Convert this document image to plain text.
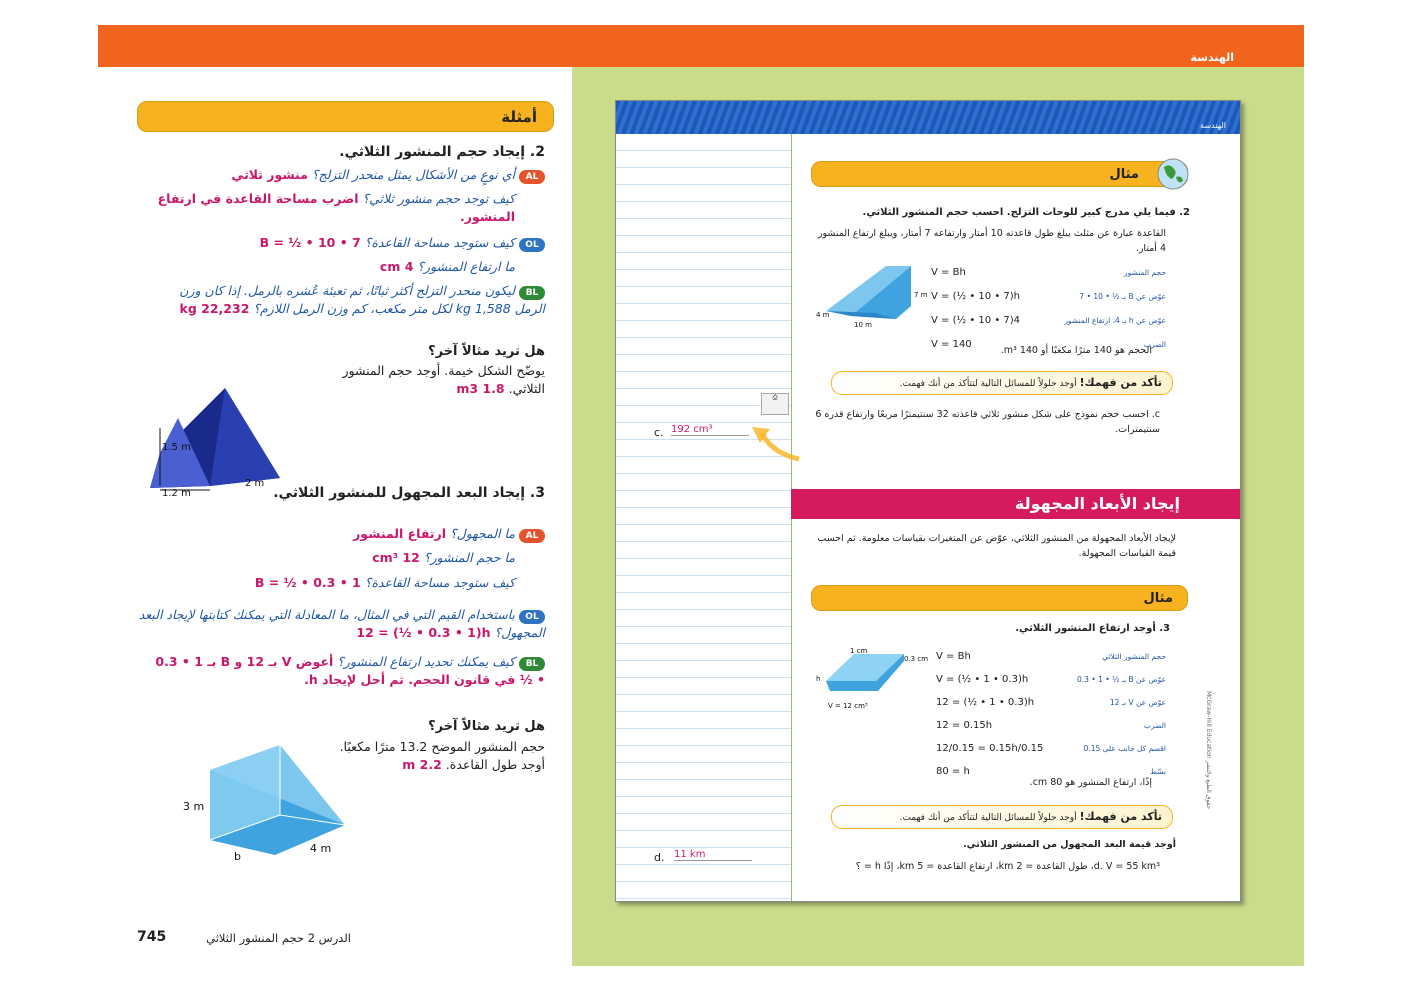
الهندسة
أمثلة
2. إيجاد حجم المنشور الثلاثي.
AL أي نوعٍ من الأشكال يمثل منحدر التزلج؟ منشور ثلاثي
كيف توجد حجم منشور ثلاثي؟ اضرب مساحة القاعدة في ارتفاع المنشور.
OL كيف ستوجد مساحة القاعدة؟ B = ½ • 10 • 7
ما ارتفاع المنشور؟ 4 cm
BL ليكون منحدر التزلج أكثر ثباتًا، ثم تعبئة عُشره بالرمل. إذا كان وزن الرمل 1,588 kg لكل متر مكعب، كم وزن الرمل اللازم؟ 22,232 kg
هل تريد مثالاً آخر؟
يوضّح الشكل خيمة. أوجد حجم المنشور الثلاثي. 1.8 m3
1.5 m
1.2 m
2 m
3. إيجاد البعد المجهول للمنشور الثلاثي.
AL ما المجهول؟ ارتفاع المنشور
ما حجم المنشور؟ 12 cm³
كيف ستوجد مساحة القاعدة؟ B = ½ • 0.3 • 1
OL باستخدام القيم التي في المثال، ما المعادلة التي يمكنك كتابتها لإيجاد البعد المجهول؟ 12 = (½ • 0.3 • 1)h
BL كيف يمكنك تحديد ارتفاع المنشور؟ أعوض V بـ 12 و B بـ 1 • 0.3 • ½ في قانون الحجم. ثم أحل لإيجاد h.
هل تريد مثالاً آخر؟
حجم المنشور الموضح 13.2 مترًا مكعبًا.
أوجد طول القاعدة. 2.2 m
3 m
b
4 m
745	الدرس 2 حجم المنشور الثلاثي
الهندسة
مثال
2. فيما يلي مدرج كبير للوحات التزلج. احسب حجم المنشور الثلاثي.
القاعدة عبارة عن مثلث يبلغ طول قاعدته 10 أمتار وارتفاعه 7 أمتار، ويبلغ ارتفاع المنشور 4 أمتار.
7 m
4 m
10 m
V = Bh
V = (½ • 10 • 7)h
V = (½ • 10 • 7)4
V = 140
حجم المنشور
عوّض عن B بـ ½ • 10 • 7
عوّض عن h بـ 4، ارتفاع المنشور
الضرب
الحجم هو 140 مترًا مكعبًا أو 140 m³.
تأكد من فهمك! أوجد حلولاً للمسائل التالية لتتأكد من أنك فهمت.
c. احسب حجم نموذج على شكل منشور ثلاثي قاعدته 32 سنتيمترًا مربعًا وارتفاع قدره 6 سنتيمترات.
⎙
c. 192 cm³
إيجاد الأبعاد المجهولة
لإيجاد الأبعاد المجهولة من المنشور الثلاثي، عوّض عن المتغيرات بقياسات معلومة. ثم احسب قيمة القياسات المجهولة.
مثال
3. أوجد ارتفاع المنشور الثلاثي.
1 cm
0.3 cm
h
V = 12 cm³
V = Bh
V = (½ • 1 • 0.3)h
12 = (½ • 1 • 0.3)h
12 = 0.15h
12/0.15 = 0.15h/0.15
80 = h
حجم المنشور الثلاثي
عوّض عن B بـ ½ • 1 • 0.3
عوّض عن V بـ 12
الضرب
اقسم كل جانب على 0.15
بسّط
إذًا، ارتفاع المنشور هو 80 cm.
تأكد من فهمك! أوجد حلولاً للمسائل التالية لتتأكد من أنك فهمت.
أوجد قيمة البعد المجهول من المنشور الثلاثي.
d. V = 55 km³، طول القاعدة = 2 km، ارتفاع القاعدة = 5 km، إذًا h = ؟
d. 11 km
McGraw-Hill Education حقوق الطبع والنشر
